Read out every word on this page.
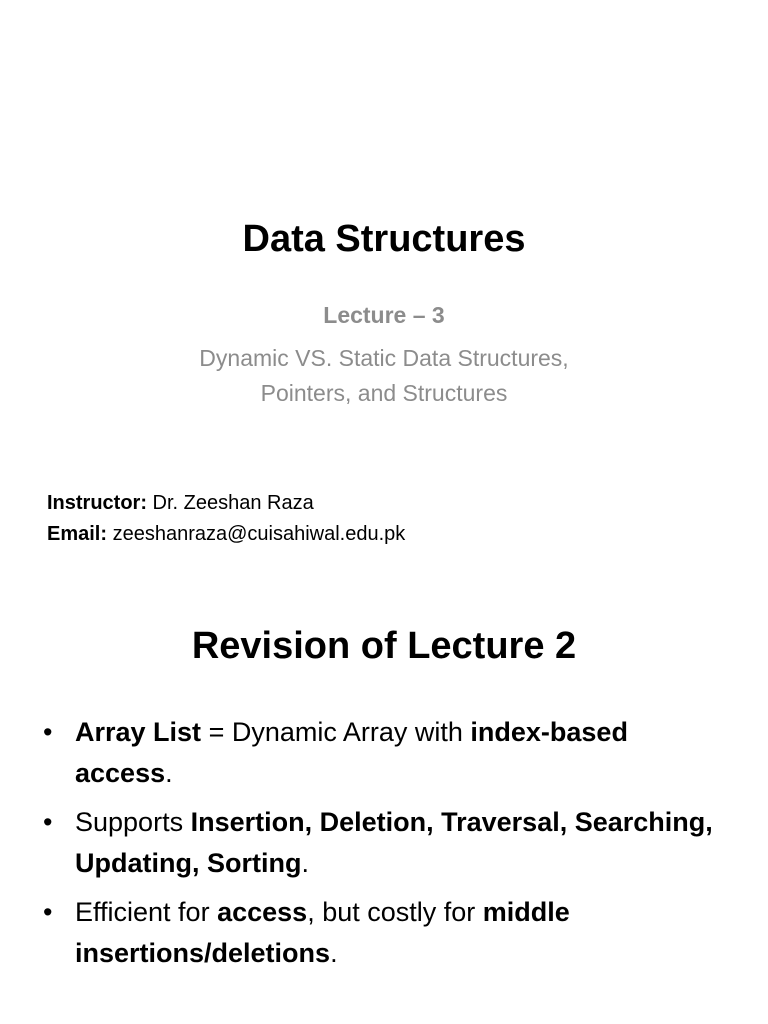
Data Structures
Lecture – 3
Dynamic VS. Static Data Structures,
Pointers, and Structures
Instructor: Dr. Zeeshan Raza
Email: zeeshanraza@cuisahiwal.edu.pk
Revision of Lecture 2
• Array List = Dynamic Array with index-based access.
• Supports Insertion, Deletion, Traversal, Searching, Updating, Sorting.
• Efficient for access, but costly for middle insertions/deletions.
